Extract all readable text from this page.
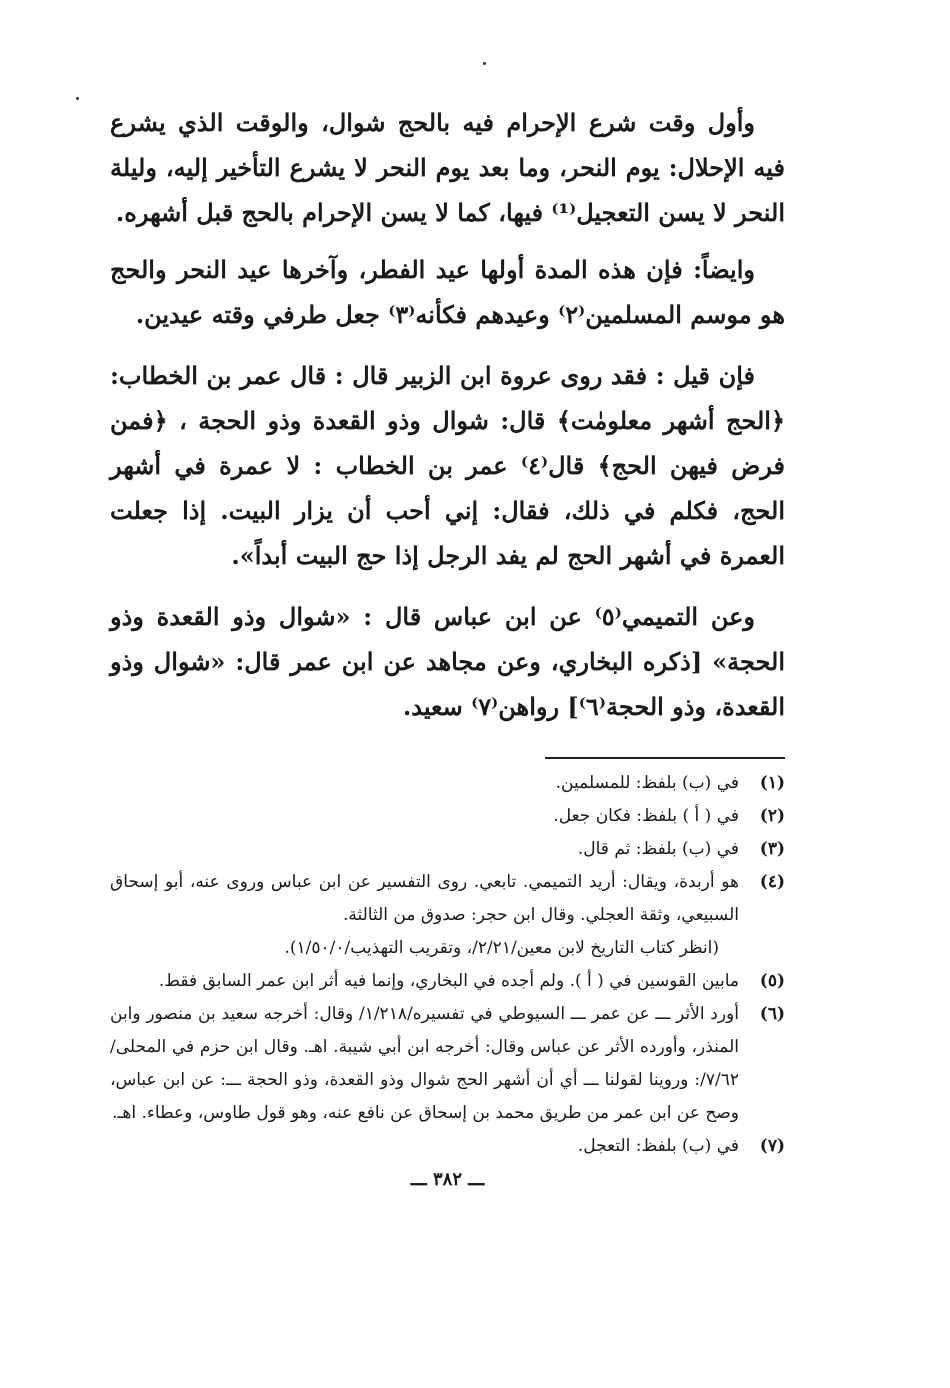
وأول وقت شرع الإحرام فيه بالحج شوال، والوقت الذي يشرع فيه الإحلال: يوم النحر، وما بعد يوم النحر لا يشرع التأخير إليه، وليلة النحر لا يسن التعجيل⁽¹⁾ فيها، كما لا يسن الإحرام بالحج قبل أشهره.

وايضاً: فإن هذه المدة أولها عيد الفطر، وآخرها عيد النحر والحج هو موسم المسلمين⁽٢⁾ وعيدهم فكأنه⁽٣⁾ جعل طرفي وقته عيدين.

فإن قيل : فقد روى عروة ابن الزبير قال : قال عمر بن الخطاب: ﴿الحج أشهر معلومٰت﴾ قال: شوال وذو القعدة وذو الحجة ، ﴿فمن فرض فيهن الحج﴾ قال⁽٤⁾ عمر بن الخطاب : لا عمرة في أشهر الحج، فكلم في ذلك، فقال: إني أحب أن يزار البيت. إذا جعلت العمرة في أشهر الحج لم يفد الرجل إذا حج البيت أبداً».

وعن التميمي⁽٥⁾ عن ابن عباس قال : «شوال وذو القعدة وذو الحجة» [ذكره البخاري، وعن مجاهد عن ابن عمر قال: «شوال وذو القعدة، وذو الحجة⁽٦⁾] رواهن⁽٧⁾ سعيد.

(١)
في (ب) بلفظ: للمسلمين.
(٢)
في ( أ ) بلفظ: فكان جعل.
(٣)
في (ب) بلفظ: ثم قال.
(٤)
هو أربدة، ويقال: أريد التميمي. تابعي. روى التفسير عن ابن عباس وروى عنه، أبو إسحاق السبيعي، وثقة العجلي. وقال ابن حجر: صدوق من الثالثة.
(انظر كتاب التاريخ لابن معين/٢/٢١/، وتقريب التهذيب/١/٥٠/٠).
(٥)
مابين القوسين في ( أ ). ولم أجده في البخاري، وإنما فيه أثر ابن عمر السابق فقط.
(٦)
أورد الأثر ـــ عن عمر ـــ السيوطي في تفسيره/١/٢١٨/ وقال: أخرجه سعيد بن منصور وابن المنذر، وأورده الأثر عن عباس وقال: أخرجه ابن أبي شيبة. اهـ. وقال ابن حزم في المحلى/٧/٦٢/: وروينا لقولنا ـــ أي أن أشهر الحج شوال وذو القعدة، وذو الحجة ـــ: عن ابن عباس، وصح عن ابن عمر من طريق محمد بن إسحاق عن نافع عنه، وهو قول طاوس، وعطاء. اهـ.
(٧)
في (ب) بلفظ: التعجل.
ـــ ٣٨٢ ـــ
